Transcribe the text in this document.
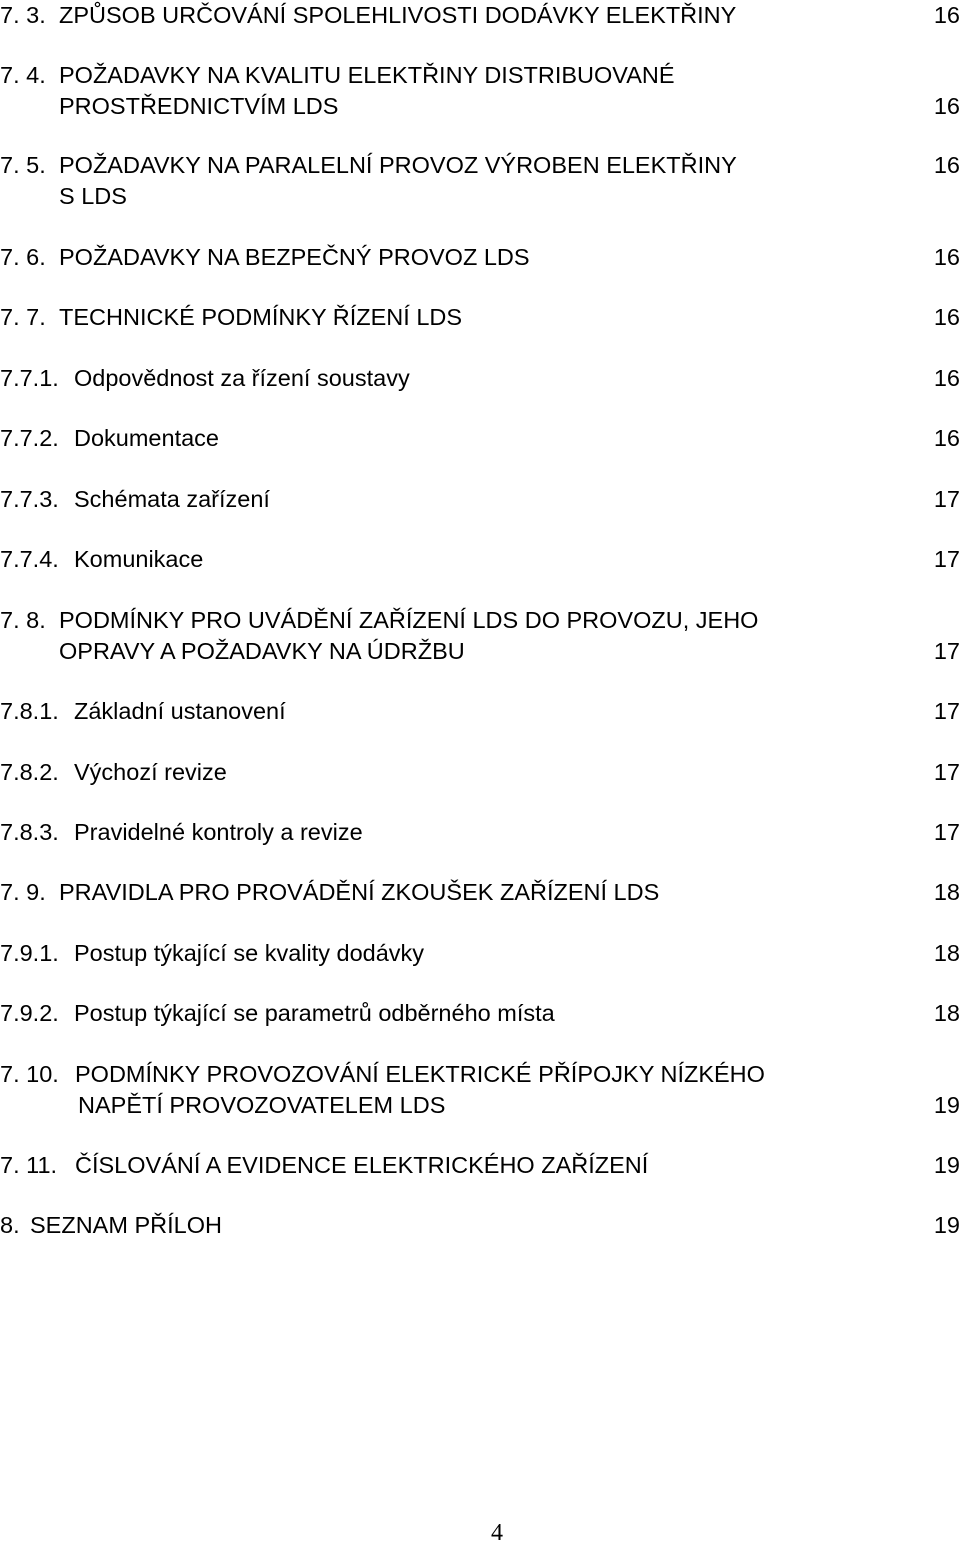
7. 3. ZPŮSOB URČOVÁNÍ SPOLEHLIVOSTI DODÁVKY ELEKTŘINY	16
7. 4. POŽADAVKY NA KVALITU ELEKTŘINY DISTRIBUOVANÉ
PROSTŘEDNICTVÍM LDS	16
7. 5. POŽADAVKY NA PARALELNÍ PROVOZ VÝROBEN ELEKTŘINY	16
S LDS
7. 6. POŽADAVKY NA BEZPEČNÝ PROVOZ LDS	16
7. 7. TECHNICKÉ PODMÍNKY ŘÍZENÍ LDS	16
7.7.1. Odpovědnost za řízení soustavy	16
7.7.2. Dokumentace	16
7.7.3. Schémata zařízení	17
7.7.4. Komunikace	17
7. 8. PODMÍNKY PRO UVÁDĚNÍ ZAŘÍZENÍ LDS DO PROVOZU, JEHO
OPRAVY A POŽADAVKY NA ÚDRŽBU	17
7.8.1. Základní ustanovení	17
7.8.2. Výchozí revize	17
7.8.3. Pravidelné kontroly a revize	17
7. 9. PRAVIDLA PRO PROVÁDĚNÍ ZKOUŠEK ZAŘÍZENÍ LDS	18
7.9.1. Postup týkající se kvality dodávky	18
7.9.2. Postup týkající se parametrů odběrného místa	18
7. 10. PODMÍNKY PROVOZOVÁNÍ ELEKTRICKÉ PŘÍPOJKY NÍZKÉHO
NAPĚTÍ PROVOZOVATELEM LDS	19
7. 11. ČÍSLOVÁNÍ A EVIDENCE ELEKTRICKÉHO ZAŘÍZENÍ	19
8. SEZNAM PŘÍLOH	19
4
